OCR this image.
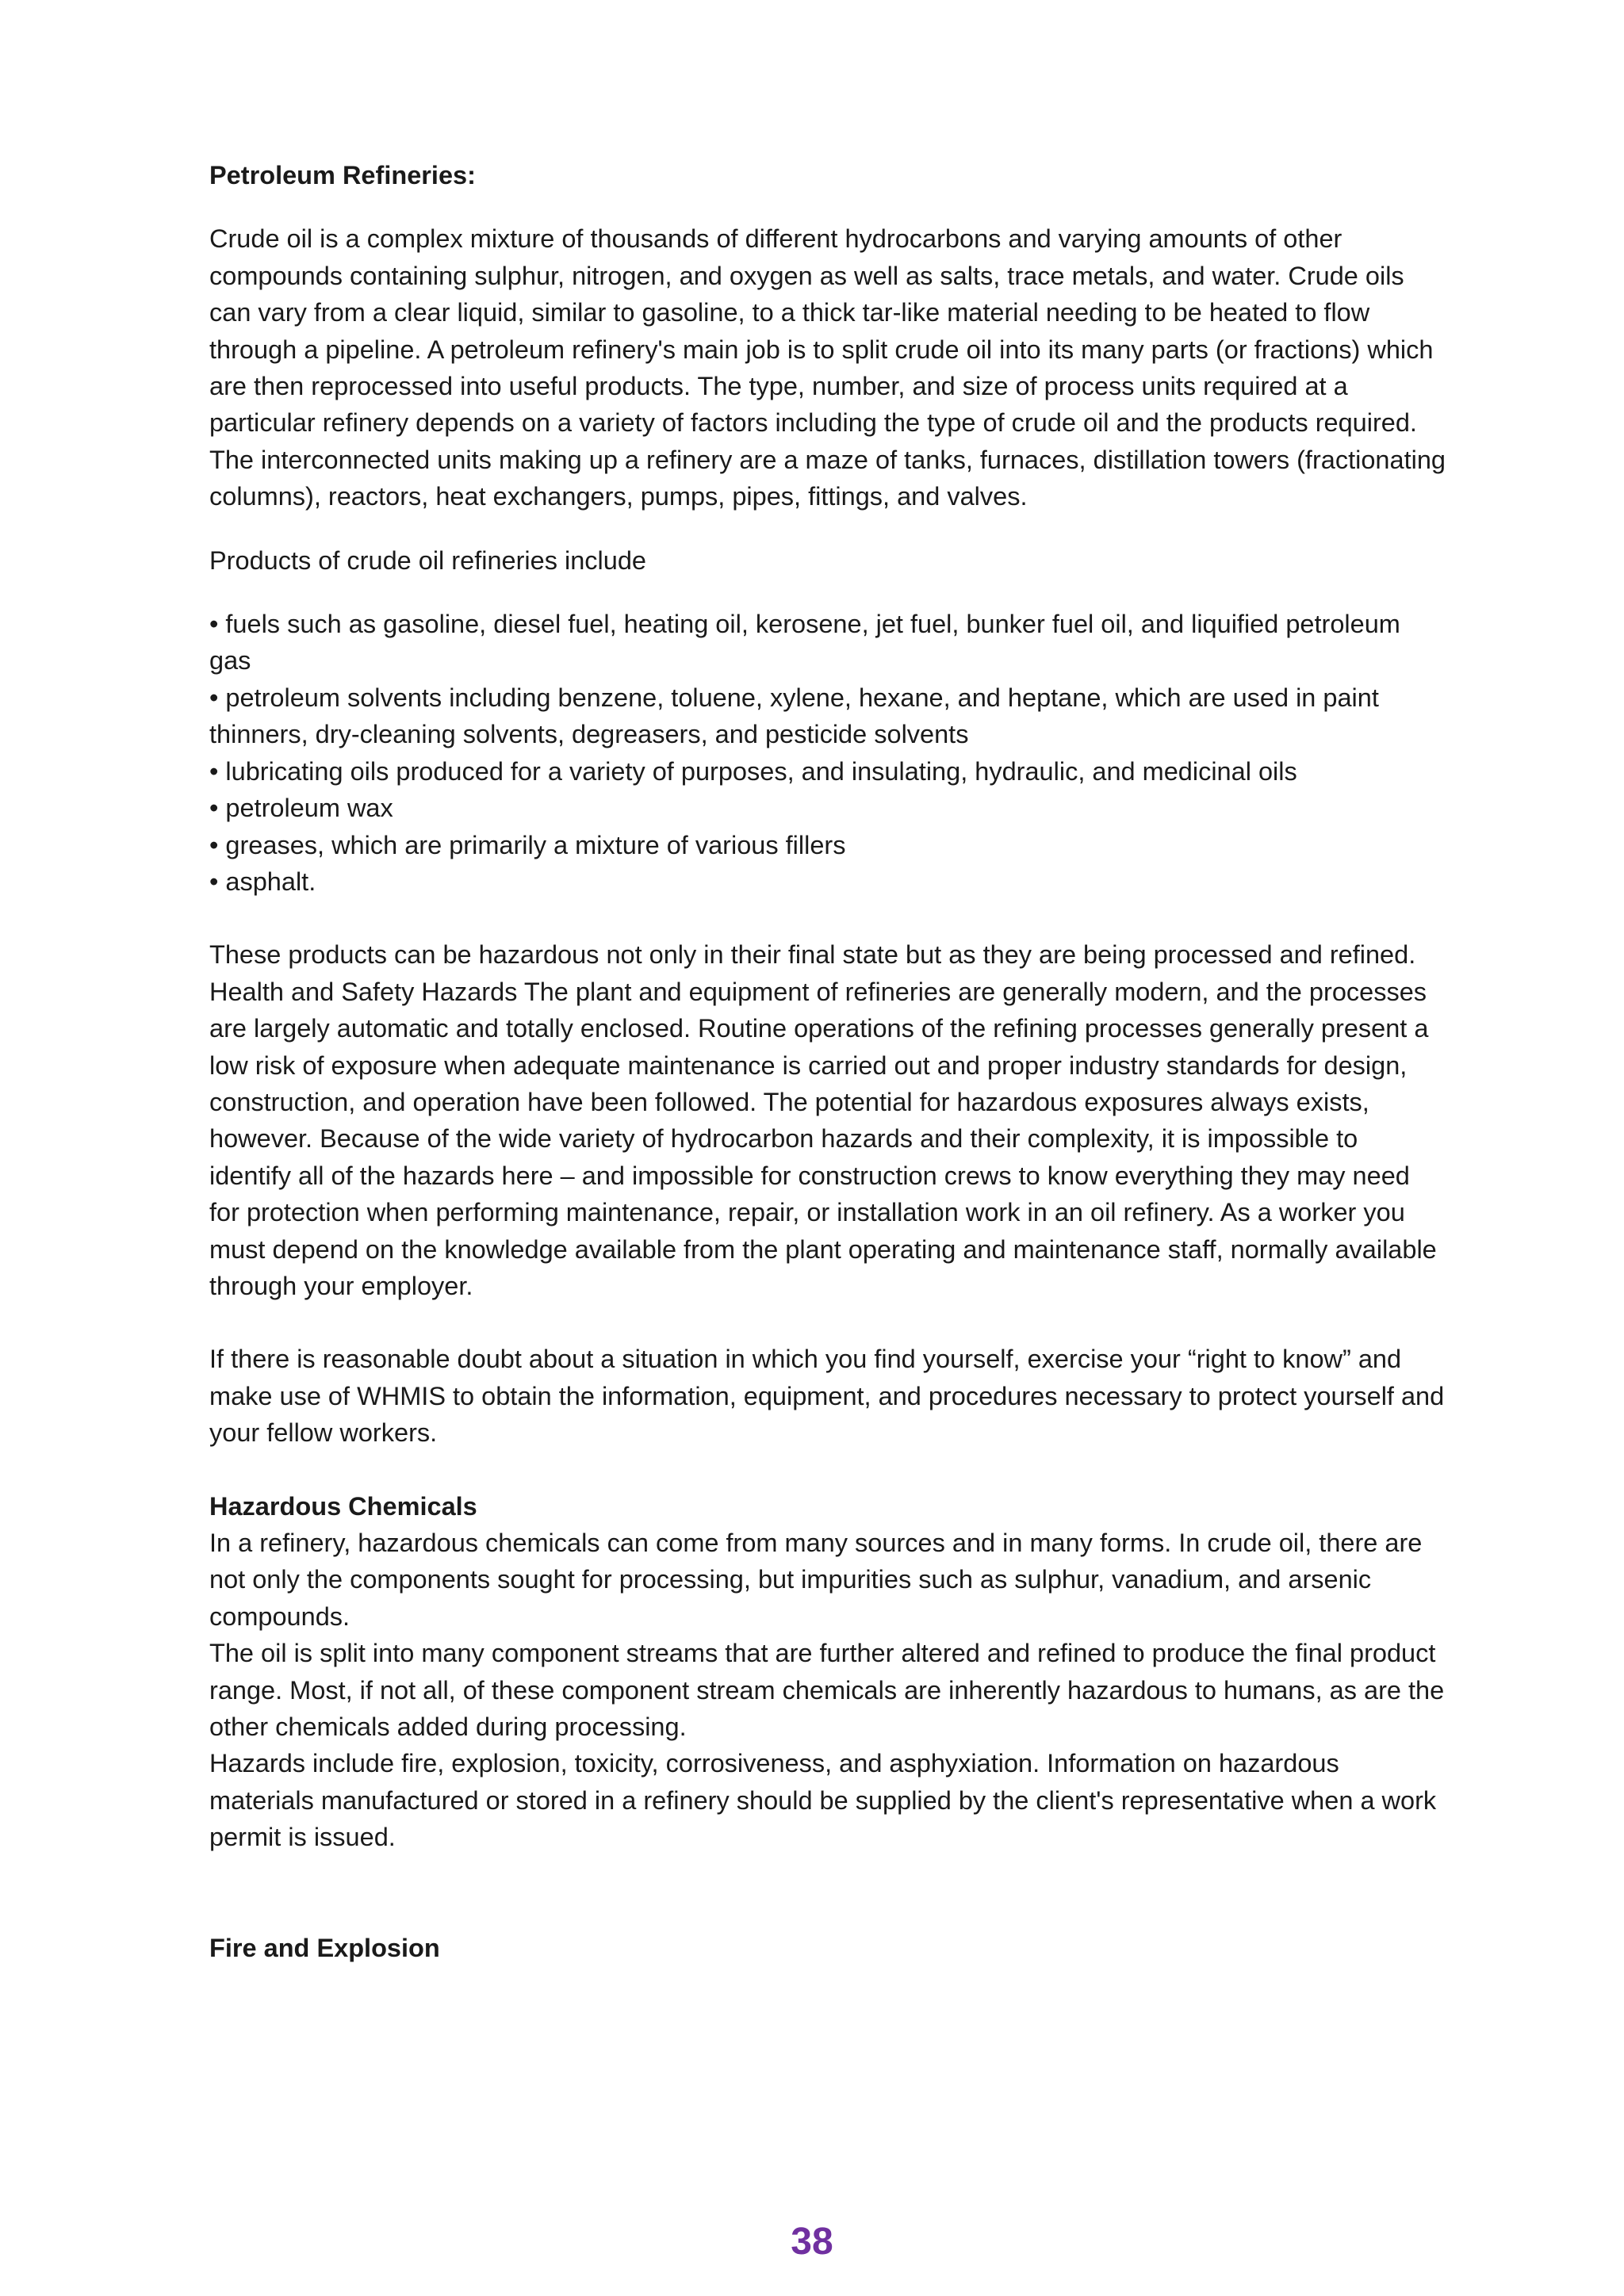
Petroleum Refineries:

Crude oil is a complex mixture of thousands of different hydrocarbons and varying amounts of other compounds containing sulphur, nitrogen, and oxygen as well as salts, trace metals, and water. Crude oils can vary from a clear liquid, similar to gasoline, to a thick tar-like material needing to be heated to flow through a pipeline. A petroleum refinery's main job is to split crude oil into its many parts (or fractions) which are then reprocessed into useful products. The type, number, and size of process units required at a particular refinery depends on a variety of factors including the type of crude oil and the products required. The interconnected units making up a refinery are a maze of tanks, furnaces, distillation towers (fractionating columns), reactors, heat exchangers, pumps, pipes, fittings, and valves.

Products of crude oil refineries include

• fuels such as gasoline, diesel fuel, heating oil, kerosene, jet fuel, bunker fuel oil, and liquified petroleum gas

• petroleum solvents including benzene, toluene, xylene, hexane, and heptane, which are used in paint thinners, dry-cleaning solvents, degreasers, and pesticide solvents

• lubricating oils produced for a variety of purposes, and insulating, hydraulic, and medicinal oils

• petroleum wax

• greases, which are primarily a mixture of various fillers

• asphalt.

These products can be hazardous not only in their final state but as they are being processed and refined. Health and Safety Hazards The plant and equipment of refineries are generally modern, and the processes are largely automatic and totally enclosed. Routine operations of the refining processes generally present a low risk of exposure when adequate maintenance is carried out and proper industry standards for design, construction, and operation have been followed. The potential for hazardous exposures always exists, however. Because of the wide variety of hydrocarbon hazards and their complexity, it is impossible to identify all of the hazards here – and impossible for construction crews to know everything they may need for protection when performing maintenance, repair, or installation work in an oil refinery. As a worker you must depend on the knowledge available from the plant operating and maintenance staff, normally available through your employer.

If there is reasonable doubt about a situation in which you find yourself, exercise your “right to know” and make use of WHMIS to obtain the information, equipment, and procedures necessary to protect yourself and your fellow workers.

Hazardous Chemicals

In a refinery, hazardous chemicals can come from many sources and in many forms. In crude oil, there are not only the components sought for processing, but impurities such as sulphur, vanadium, and arsenic compounds.

The oil is split into many component streams that are further altered and refined to produce the final product range. Most, if not all, of these component stream chemicals are inherently hazardous to humans, as are the other chemicals added during processing.

Hazards include fire, explosion, toxicity, corrosiveness, and asphyxiation. Information on hazardous materials manufactured or stored in a refinery should be supplied by the client's representative when a work permit is issued.

Fire and Explosion

38
